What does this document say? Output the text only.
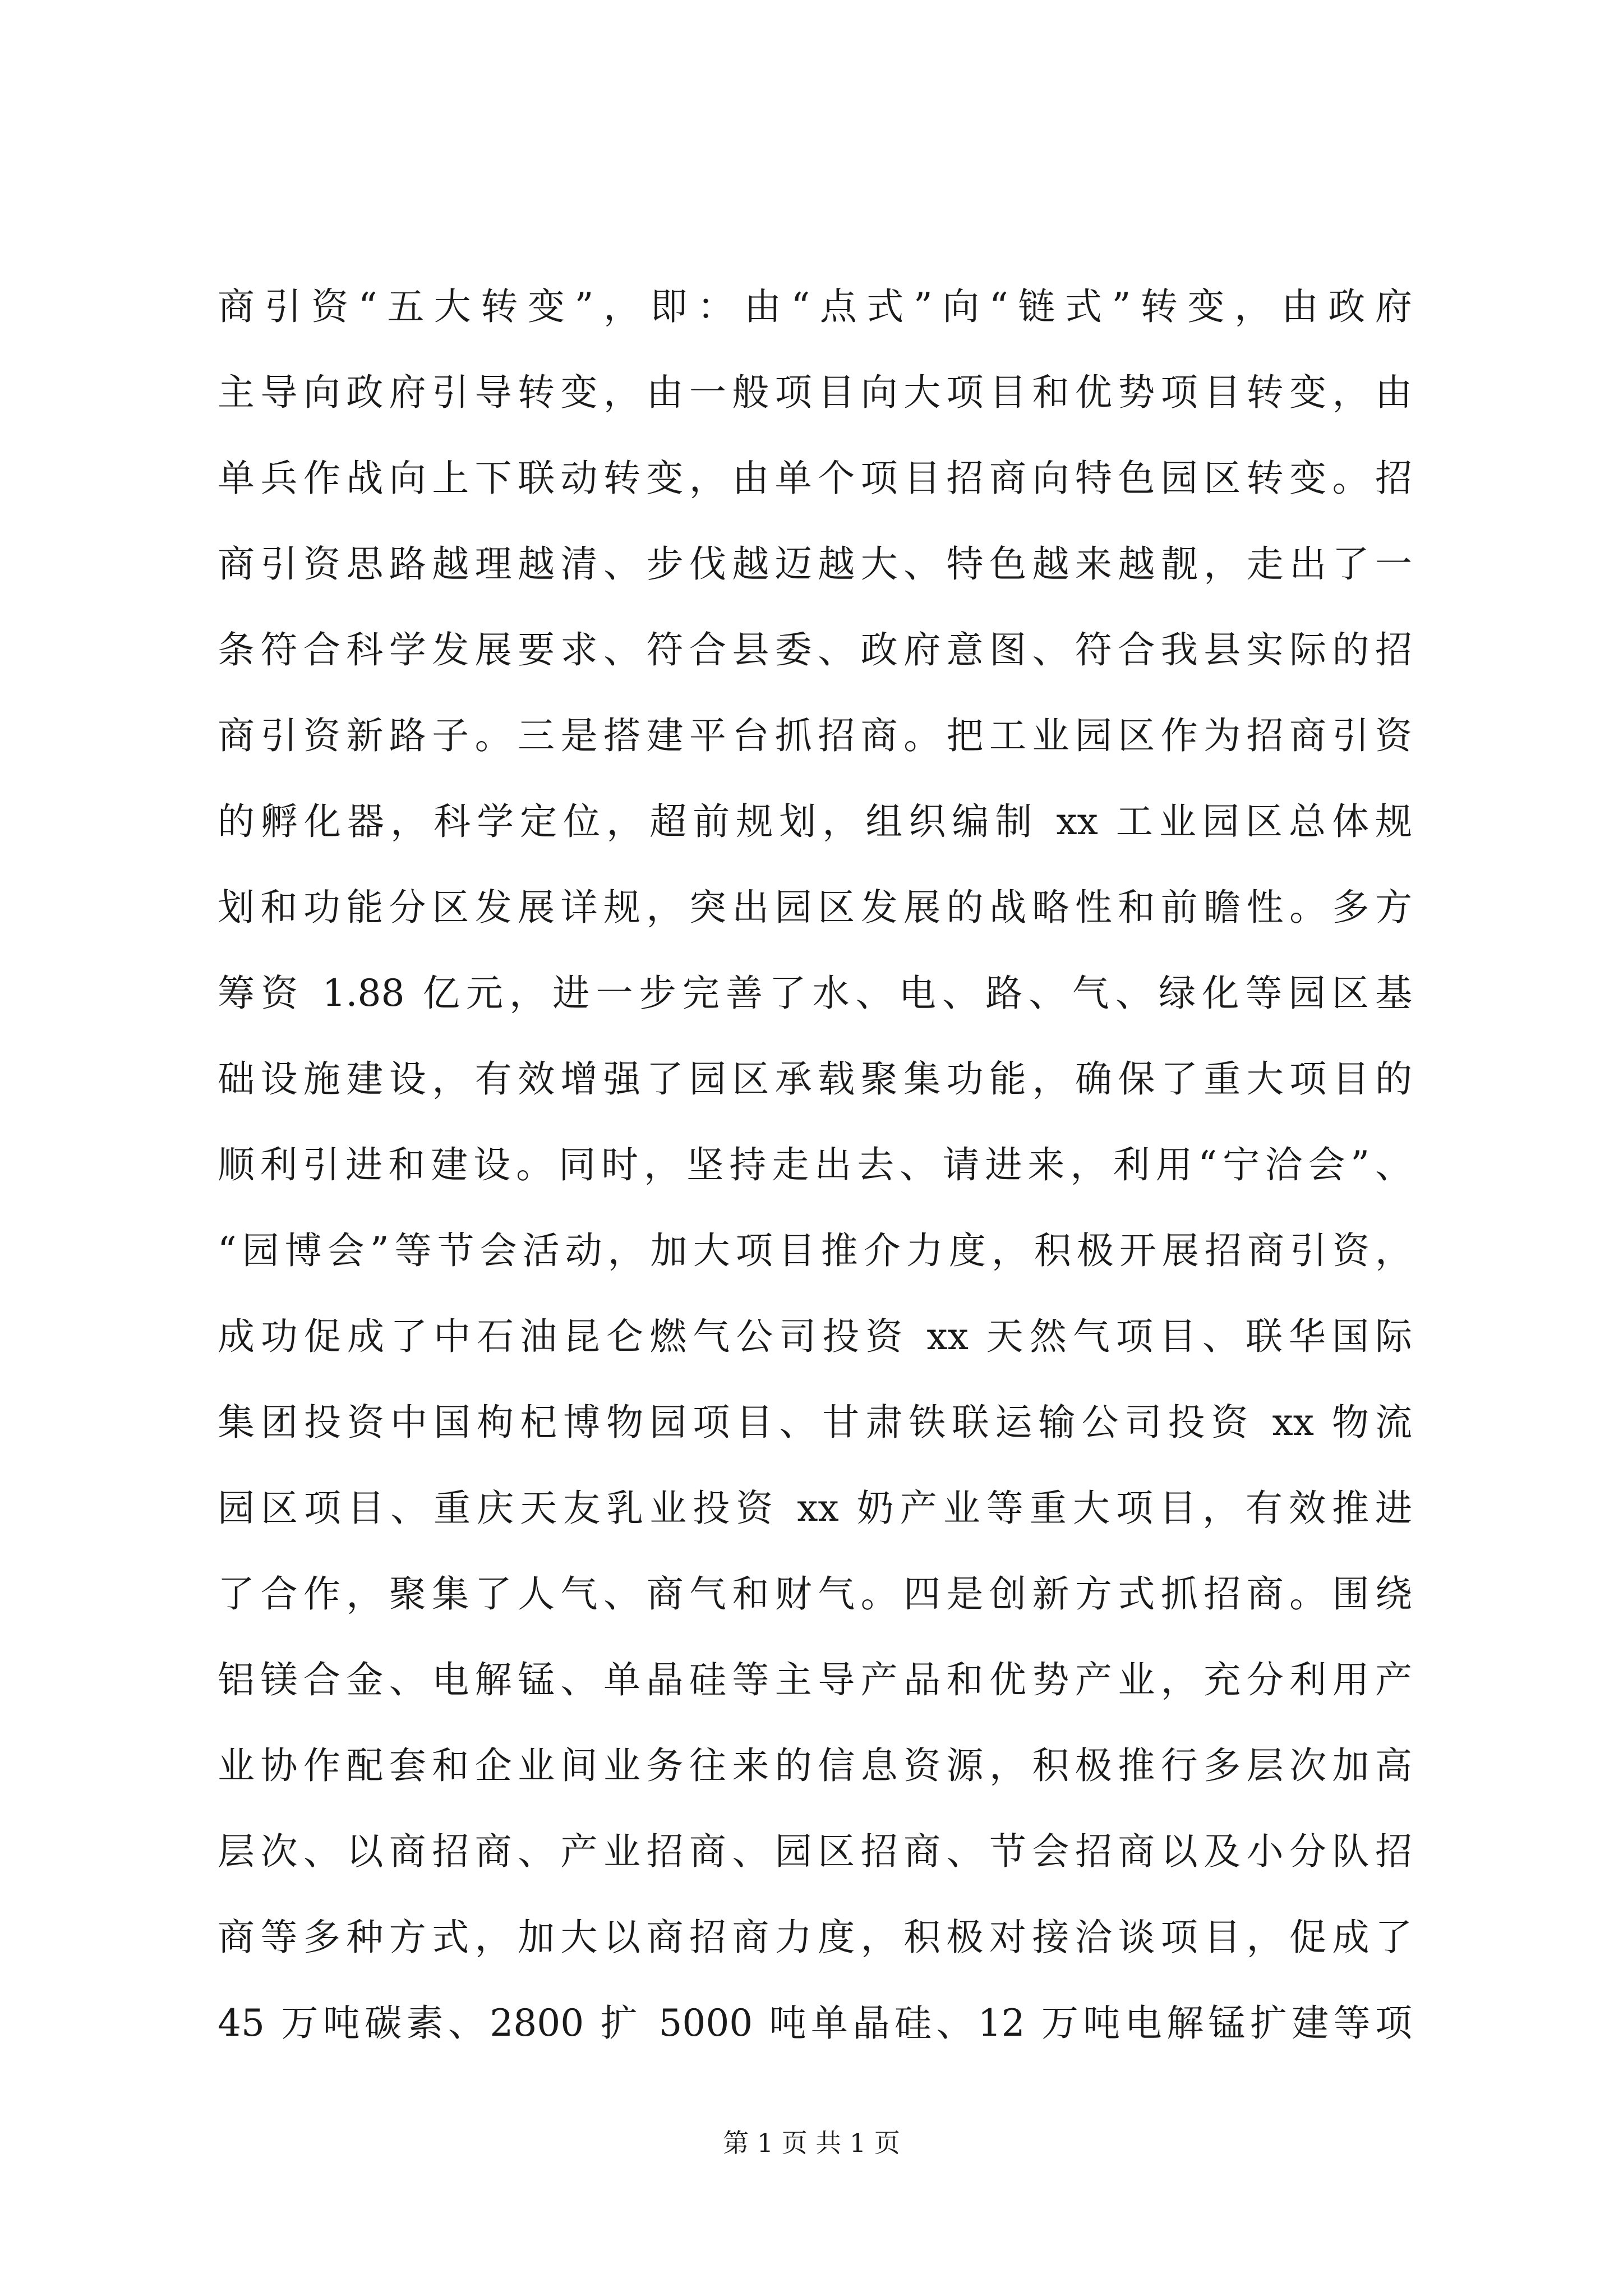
商引资“五大转变”，即：由“点式”向“链式”转变，由政府
主导向政府引导转变，由一般项目向大项目和优势项目转变，由
单兵作战向上下联动转变，由单个项目招商向特色园区转变。招
商引资思路越理越清、步伐越迈越大、特色越来越靓，走出了一
条符合科学发展要求、符合县委、政府意图、符合我县实际的招
商引资新路子。三是搭建平台抓招商。把工业园区作为招商引资
的孵化器，科学定位，超前规划，组织编制 xx 工业园区总体规
划和功能分区发展详规，突出园区发展的战略性和前瞻性。多方
筹资 1.88 亿元，进一步完善了水、电、路、气、绿化等园区基
础设施建设，有效增强了园区承载聚集功能，确保了重大项目的
顺利引进和建设。同时，坚持走出去、请进来，利用“宁洽会”、
“园博会”等节会活动，加大项目推介力度，积极开展招商引资，
成功促成了中石油昆仑燃气公司投资 xx 天然气项目、联华国际
集团投资中国枸杞博物园项目、甘肃铁联运输公司投资 xx 物流
园区项目、重庆天友乳业投资 xx 奶产业等重大项目，有效推进
了合作，聚集了人气、商气和财气。四是创新方式抓招商。围绕
铝镁合金、电解锰、单晶硅等主导产品和优势产业，充分利用产
业协作配套和企业间业务往来的信息资源，积极推行多层次加高
层次、以商招商、产业招商、园区招商、节会招商以及小分队招
商等多种方式，加大以商招商力度，积极对接洽谈项目，促成了
45 万吨碳素、2800 扩 5000 吨单晶硅、12 万吨电解锰扩建等项
第 1 页 共 1 页
